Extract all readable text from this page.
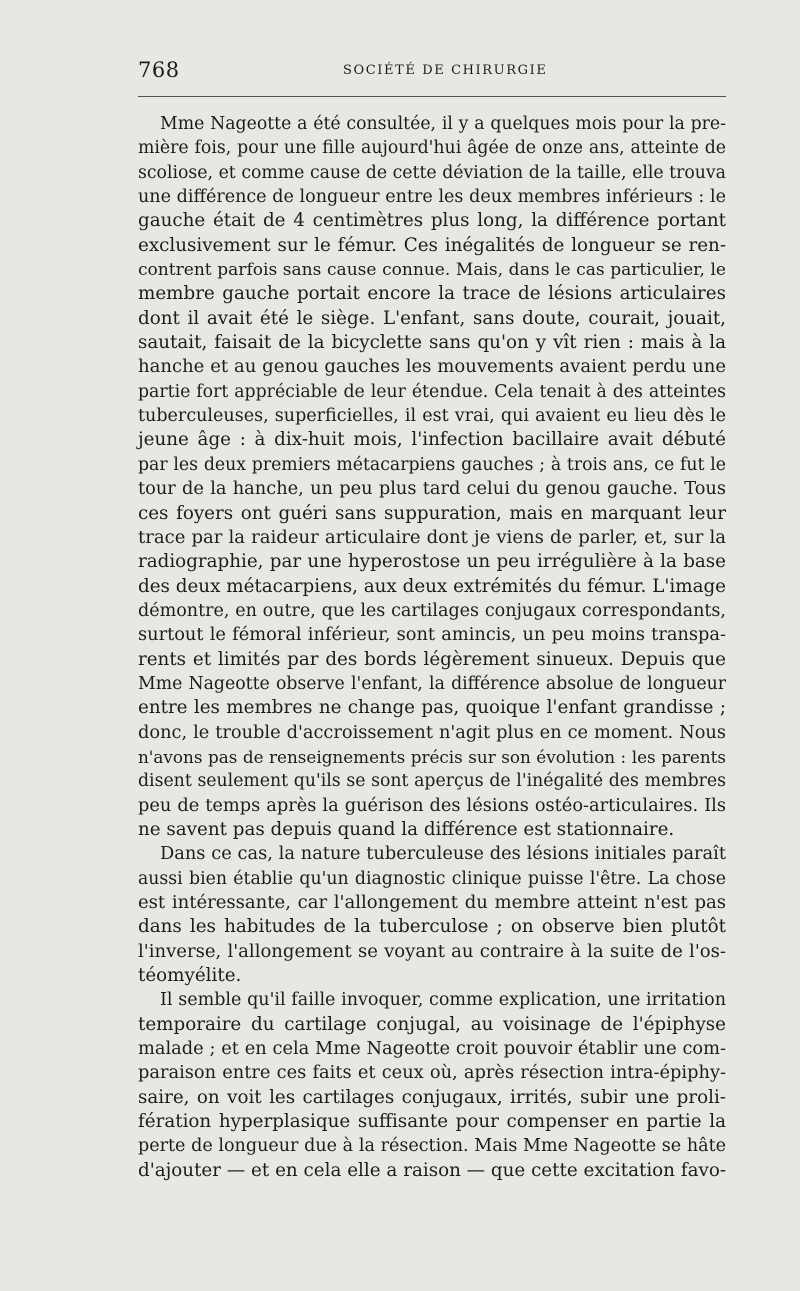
768	SOCIÉTÉ DE CHIRURGIE
Mme Nageotte a été consultée, il y a quelques mois pour la pre-
mière fois, pour une fille aujourd'hui âgée de onze ans, atteinte de
scoliose, et comme cause de cette déviation de la taille, elle trouva
une différence de longueur entre les deux membres inférieurs : le
gauche était de 4 centimètres plus long, la différence portant
exclusivement sur le fémur. Ces inégalités de longueur se ren-
contrent parfois sans cause connue. Mais, dans le cas particulier, le
membre gauche portait encore la trace de lésions articulaires
dont il avait été le siège. L'enfant, sans doute, courait, jouait,
sautait, faisait de la bicyclette sans qu'on y vît rien : mais à la
hanche et au genou gauches les mouvements avaient perdu une
partie fort appréciable de leur étendue. Cela tenait à des atteintes
tuberculeuses, superficielles, il est vrai, qui avaient eu lieu dès le
jeune âge : à dix-huit mois, l'infection bacillaire avait débuté
par les deux premiers métacarpiens gauches ; à trois ans, ce fut le
tour de la hanche, un peu plus tard celui du genou gauche. Tous
ces foyers ont guéri sans suppuration, mais en marquant leur
trace par la raideur articulaire dont je viens de parler, et, sur la
radiographie, par une hyperostose un peu irrégulière à la base
des deux métacarpiens, aux deux extrémités du fémur. L'image
démontre, en outre, que les cartilages conjugaux correspondants,
surtout le fémoral inférieur, sont amincis, un peu moins transpa-
rents et limités par des bords légèrement sinueux. Depuis que
Mme Nageotte observe l'enfant, la différence absolue de longueur
entre les membres ne change pas, quoique l'enfant grandisse ;
donc, le trouble d'accroissement n'agit plus en ce moment. Nous
n'avons pas de renseignements précis sur son évolution : les parents
disent seulement qu'ils se sont aperçus de l'inégalité des membres
peu de temps après la guérison des lésions ostéo-articulaires. Ils
ne savent pas depuis quand la différence est stationnaire.
Dans ce cas, la nature tuberculeuse des lésions initiales paraît
aussi bien établie qu'un diagnostic clinique puisse l'être. La chose
est intéressante, car l'allongement du membre atteint n'est pas
dans les habitudes de la tuberculose ; on observe bien plutôt
l'inverse, l'allongement se voyant au contraire à la suite de l'os-
téomyélite.
Il semble qu'il faille invoquer, comme explication, une irritation
temporaire du cartilage conjugal, au voisinage de l'épiphyse
malade ; et en cela Mme Nageotte croit pouvoir établir une com-
paraison entre ces faits et ceux où, après résection intra-épiphy-
saire, on voit les cartilages conjugaux, irrités, subir une proli-
fération hyperplasique suffisante pour compenser en partie la
perte de longueur due à la résection. Mais Mme Nageotte se hâte
d'ajouter — et en cela elle a raison — que cette excitation favo-
